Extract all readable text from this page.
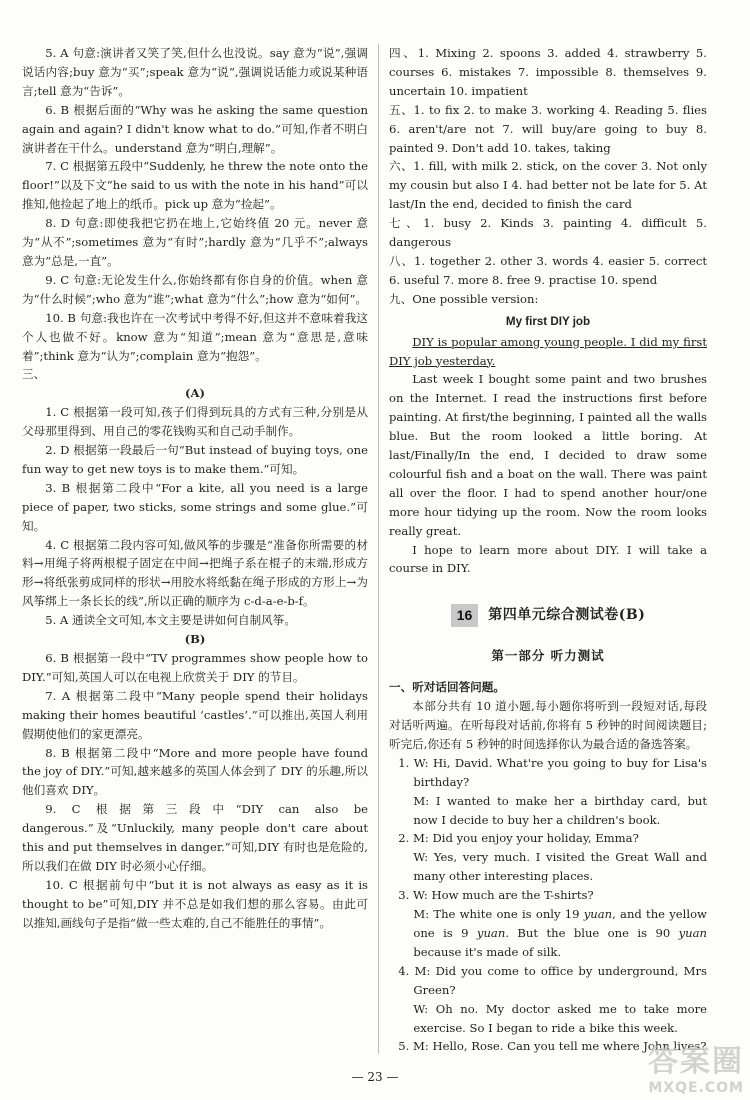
5. A 句意:演讲者又笑了笑,但什么也没说。say 意为“说”,强调说话内容;buy 意为“买”;speak 意为“说”,强调说话能力或说某种语言;tell 意为“告诉”。

6. B 根据后面的“Why was he asking the same question again and again? I didn't know what to do.”可知,作者不明白演讲者在干什么。understand 意为“明白,理解”。

7. C 根据第五段中“Suddenly, he threw the note onto the floor!”以及下文“he said to us with the note in his hand”可以推知,他捡起了地上的纸币。pick up 意为“捡起”。

8. D 句意:即使我把它扔在地上,它始终值 20 元。never 意为“从不”;sometimes 意为“有时”;hardly 意为“几乎不”;always 意为“总是,一直”。

9. C 句意:无论发生什么,你始终都有你自身的价值。when 意为“什么时候”;who 意为“谁”;what 意为“什么”;how 意为“如何”。

10. B 句意:我也许在一次考试中考得不好,但这并不意味着我这个人也做不好。know 意为“知道”;mean 意为“意思是,意味着”;think 意为“认为”;complain 意为“抱怨”。

三、

(A)

1. C 根据第一段可知,孩子们得到玩具的方式有三种,分别是从父母那里得到、用自己的零花钱购买和自己动手制作。

2. D 根据第一段最后一句“But instead of buying toys, one fun way to get new toys is to make them.”可知。

3. B 根据第二段中“For a kite, all you need is a large piece of paper, two sticks, some strings and some glue.”可知。

4. C 根据第二段内容可知,做风筝的步骤是“准备你所需要的材料→用绳子将两根棍子固定在中间→把绳子系在棍子的末端,形成方形→将纸张剪成同样的形状→用胶水将纸黏在绳子形成的方形上→为风筝绑上一条长长的线”,所以正确的顺序为 c-d-a-e-b-f。

5. A 通读全文可知,本文主要是讲如何自制风筝。

(B)

6. B 根据第一段中“TV programmes show people how to DIY.”可知,英国人可以在电视上欣赏关于 DIY 的节目。

7. A 根据第二段中“Many people spend their holidays making their homes beautiful ‘castles’.”可以推出,英国人利用假期使他们的家更漂亮。

8. B 根据第二段中“More and more people have found the joy of DIY.”可知,越来越多的英国人体会到了 DIY 的乐趣,所以他们喜欢 DIY。

9. C 根据第三段中“DIY can also be dangerous.”及“Unluckily, many people don't care about this and put themselves in danger.”可知,DIY 有时也是危险的,所以我们在做 DIY 时必须小心仔细。

10. C 根据前句中“but it is not always as easy as it is thought to be”可知,DIY 并不总是如我们想的那么容易。由此可以推知,画线句子是指“做一些太难的,自己不能胜任的事情”。

四、1. Mixing 2. spoons 3. added 4. strawberry 5. courses 6. mistakes 7. impossible 8. themselves 9. uncertain 10. impatient

五、1. to fix 2. to make 3. working 4. Reading 5. flies 6. aren't/are not 7. will buy/are going to buy 8. painted 9. Don't add 10. takes, taking

六、1. fill, with milk 2. stick, on the cover 3. Not only my cousin but also I 4. had better not be late for 5. At last/In the end, decided to finish the card

七、1. busy 2. Kinds 3. painting 4. difficult 5. dangerous

八、1. together 2. other 3. words 4. easier 5. correct 6. useful 7. more 8. free 9. practise 10. spend

九、One possible version:

My first DIY job

DIY is popular among young people. I did my first DIY job yesterday.

Last week I bought some paint and two brushes on the Internet. I read the instructions first before painting. At first/the beginning, I painted all the walls blue. But the room looked a little boring. At last/Finally/In the end, I decided to draw some colourful fish and a boat on the wall. There was paint all over the floor. I had to spend another hour/one more hour tidying up the room. Now the room looks really great.

I hope to learn more about DIY. I will take a course in DIY.

16	第四单元综合测试卷(B)

第一部分 听力测试

一、听对话回答问题。

本部分共有 10 道小题,每小题你将听到一段短对话,每段对话听两遍。在听每段对话前,你将有 5 秒钟的时间阅读题目;听完后,你还有 5 秒钟的时间选择你认为最合适的备选答案。

1. W: Hi, David. What're you going to buy for Lisa's birthday?

M: I wanted to make her a birthday card, but now I decide to buy her a children's book.

2. M: Did you enjoy your holiday, Emma?

W: Yes, very much. I visited the Great Wall and many other interesting places.

3. W: How much are the T-shirts?

M: The white one is only 19 yuan, and the yellow one is 9 yuan. But the blue one is 90 yuan because it's made of silk.

4. M: Did you come to office by underground, Mrs Green?

W: Oh no. My doctor asked me to take more exercise. So I began to ride a bike this week.

5. M: Hello, Rose. Can you tell me where John lives?

— 23 —	答案圈
MXQE.COM
